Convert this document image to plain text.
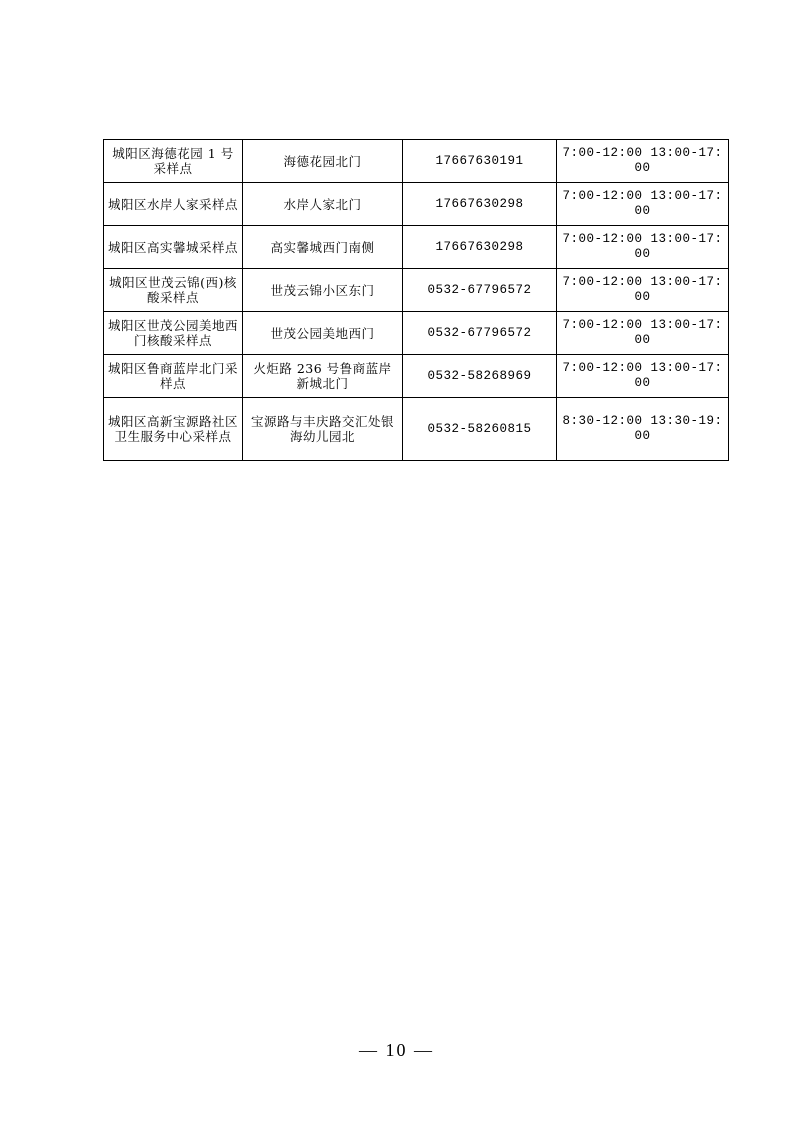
城阳区海德花园 1 号采样点	海德花园北门	17667630191	7:00-12:00 13:00-17:00
城阳区水岸人家采样点	水岸人家北门	17667630298	7:00-12:00 13:00-17:00
城阳区高实馨城采样点	高实馨城西门南侧	17667630298	7:00-12:00 13:00-17:00
城阳区世茂云锦(西)核酸采样点	世茂云锦小区东门	0532-67796572	7:00-12:00 13:00-17:00
城阳区世茂公园美地西门核酸采样点	世茂公园美地西门	0532-67796572	7:00-12:00 13:00-17:00
城阳区鲁商蓝岸北门采样点	火炬路 236 号鲁商蓝岸新城北门	0532-58268969	7:00-12:00 13:00-17:00
城阳区高新宝源路社区卫生服务中心采样点	宝源路与丰庆路交汇处银海幼儿园北	0532-58260815	8:30-12:00 13:30-19:00
— 10 —
